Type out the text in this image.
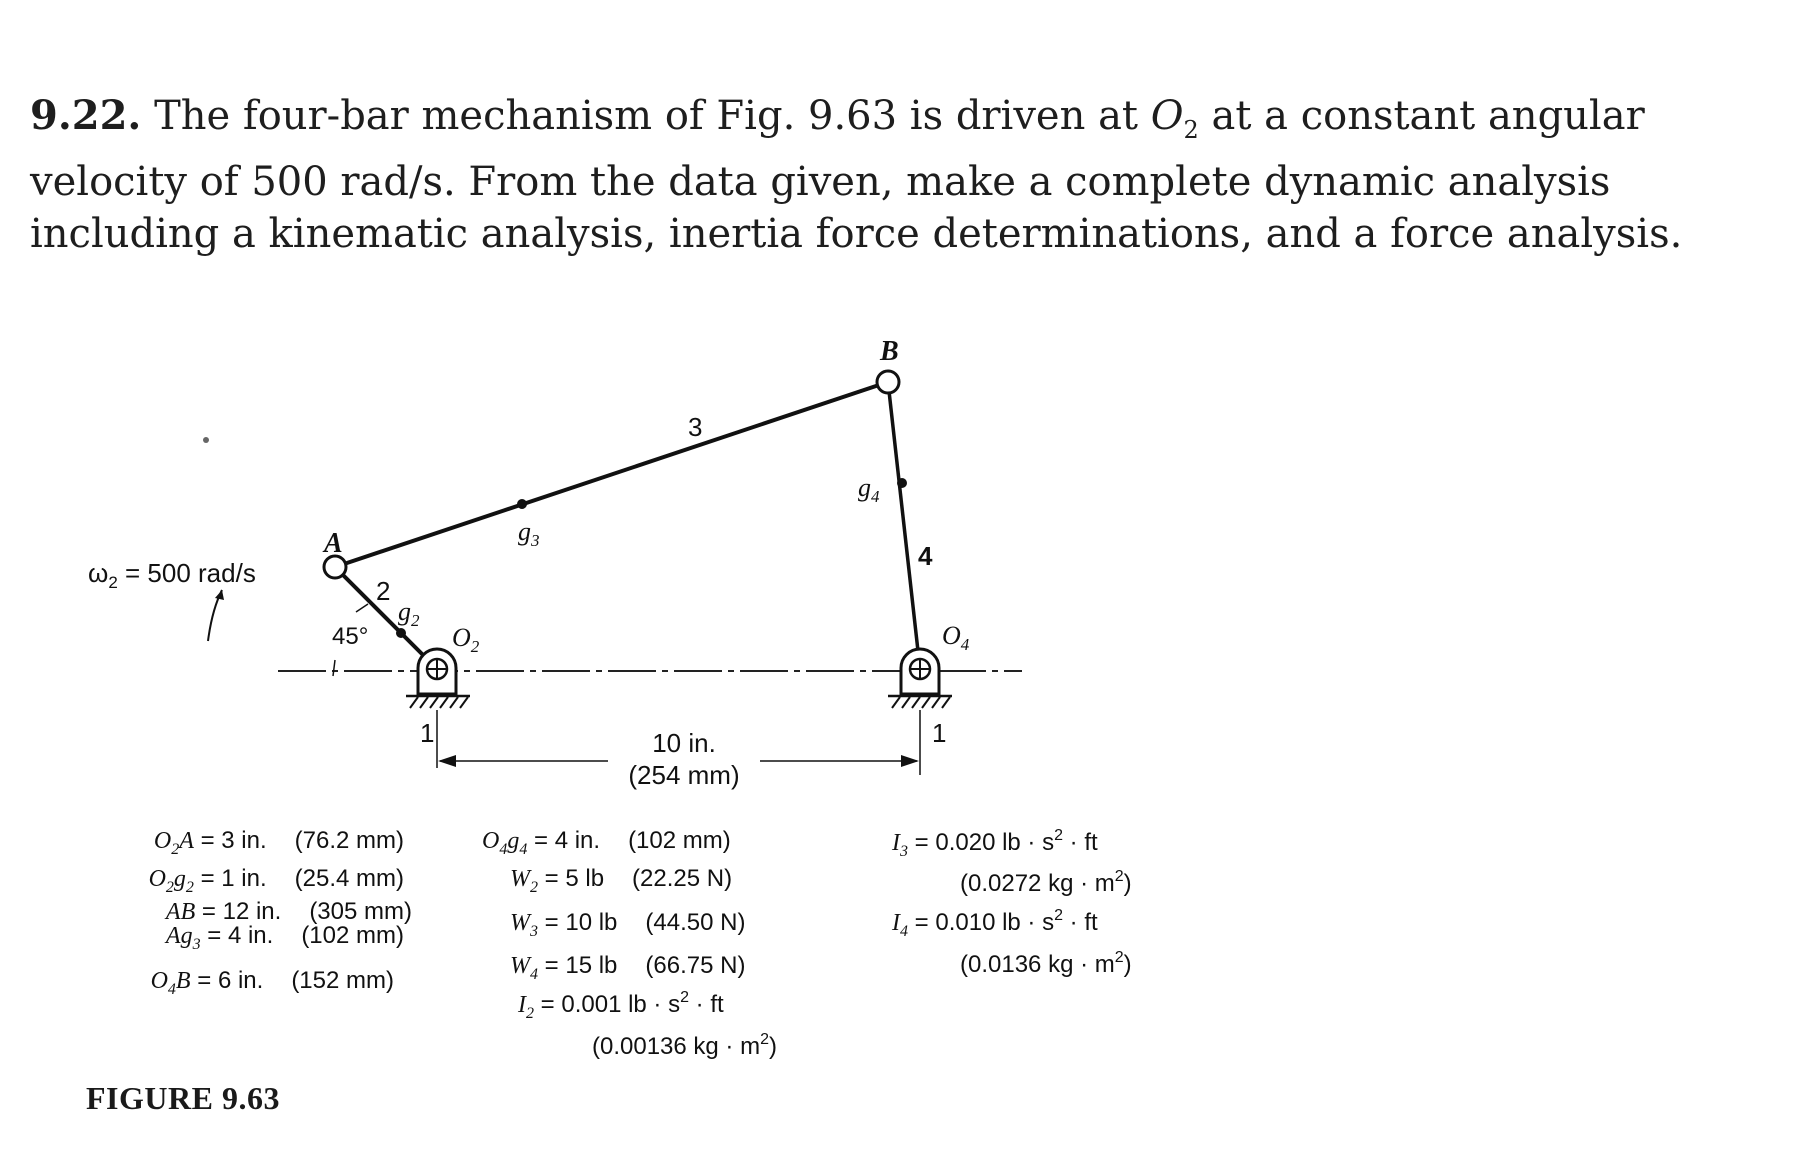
9.22. The four-bar mechanism of Fig. 9.63 is driven at $O_2$ at a constant angular velocity of 500 rad/s. From the data given, make a complete dynamic analysis including a kinematic analysis, inertia force determinations, and a force analysis.
$\omega_2 = 500$ rad/s
A
B
2
3
4
1	1
45°
$g_2$
$g_3$
$g_4$
$O_2$	$O_4$
10 in.
(254 mm)
$O_2A = 3$ in. (76.2 mm)
$O_2g_2 = 1$ in. (25.4 mm)
AB = 12 in. (305 mm)
$Ag_3 = 4$ in. (102 mm)
$O_4B = 6$ in. (152 mm)
$O_4g_4 = 4$ in. (102 mm)
$W_2 = 5$ lb (22.25 N)
$W_3 = 10$ lb (44.50 N)
$W_4 = 15$ lb (66.75 N)
$I_2 = 0.001$ lb · $s^2$ · ft
(0.00136 kg · $m^2$)
$I_3 = 0.020$ lb · $s^2$ · ft
(0.0272 kg · $m^2$)
$I_4 = 0.010$ lb · $s^2$ · ft
(0.0136 kg · $m^2$)
FIGURE 9.63
